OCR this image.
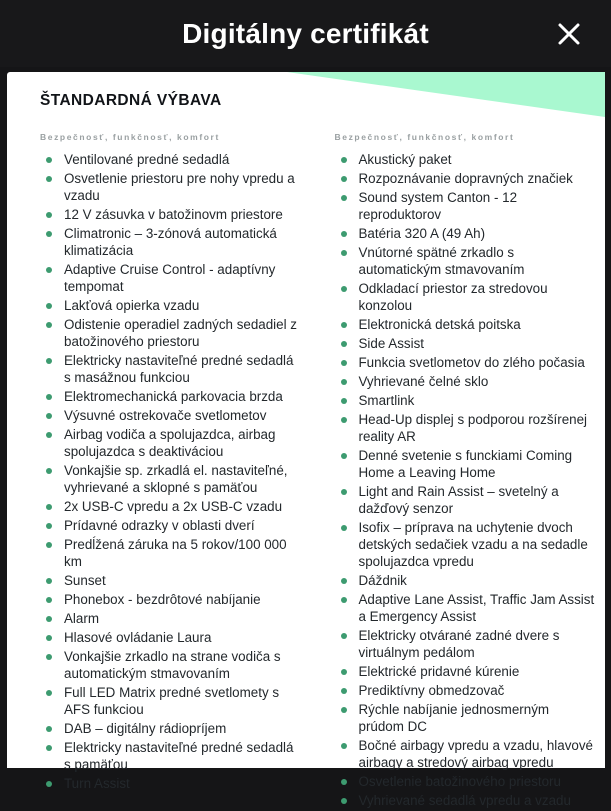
Digitálny certifikát
ŠTANDARDNÁ VÝBAVA
Bezpečnosť, funkčnosť, komfort
Ventilované predné sedadlá
Osvetlenie priestoru pre nohy vpredu a vzadu
12 V zásuvka v batožinovm priestore
Climatronic – 3-zónová automatická klimatizácia
Adaptive Cruise Control - adaptívny tempomat
Lakťová opierka vzadu
Odistenie operadiel zadných sedadiel z batožinového priestoru
Elektricky nastaviteľné predné sedadlá s masážnou funkciou
Elektromechanická parkovacia brzda
Výsuvné ostrekovače svetlometov
Airbag vodiča a spolujazdca, airbag spolujazdca s deaktiváciou
Vonkajšie sp. zrkadlá el. nastaviteľné, vyhrievané a sklopné s pamäťou
2x USB-C vpredu a 2x USB-C vzadu
Prídavné odrazky v oblasti dverí
Predĺžená záruka na 5 rokov/100 000 km
Sunset
Phonebox - bezdrôtové nabíjanie
Alarm
Hlasové ovládanie Laura
Vonkajšie zrkadlo na strane vodiča s automatickým stmavovaním
Full LED Matrix predné svetlomety s AFS funkciou
DAB – digitálny rádiopríjem
Elektricky nastaviteľné predné sedadlá s pamäťou
Turn Assist
Bezpečnosť, funkčnosť, komfort
Akustický paket
Rozpoznávanie dopravných značiek
Sound system Canton - 12 reproduktorov
Batéria 320 A (49 Ah)
Vnútorné spätné zrkadlo s automatickým stmavovaním
Odkladací priestor za stredovou konzolou
Elektronická detská poitska
Side Assist
Funkcia svetlometov do zlého počasia
Vyhrievané čelné sklo
Smartlink
Head-Up displej s podporou rozšírenej reality AR
Denné svetenie s funckiami Coming Home a Leaving Home
Light and Rain Assist – svetelný a dažďový senzor
Isofix – príprava na uchytenie dvoch detských sedačiek vzadu a na sedadle spolujazdca vpredu
Dáždnik
Adaptive Lane Assist, Traffic Jam Assist a Emergency Assist
Elektricky otvárané zadné dvere s virtuálnym pedálom
Elektrické pridavné kúrenie
Prediktívny obmedzovač
Rýchle nabíjanie jednosmerným prúdom DC
Bočné airbagy vpredu a vzadu, hlavové airbagy a stredový airbag vpredu
Osvetlenie batožinového priestoru
Vyhrievané sedadlá vpredu a vzadu
